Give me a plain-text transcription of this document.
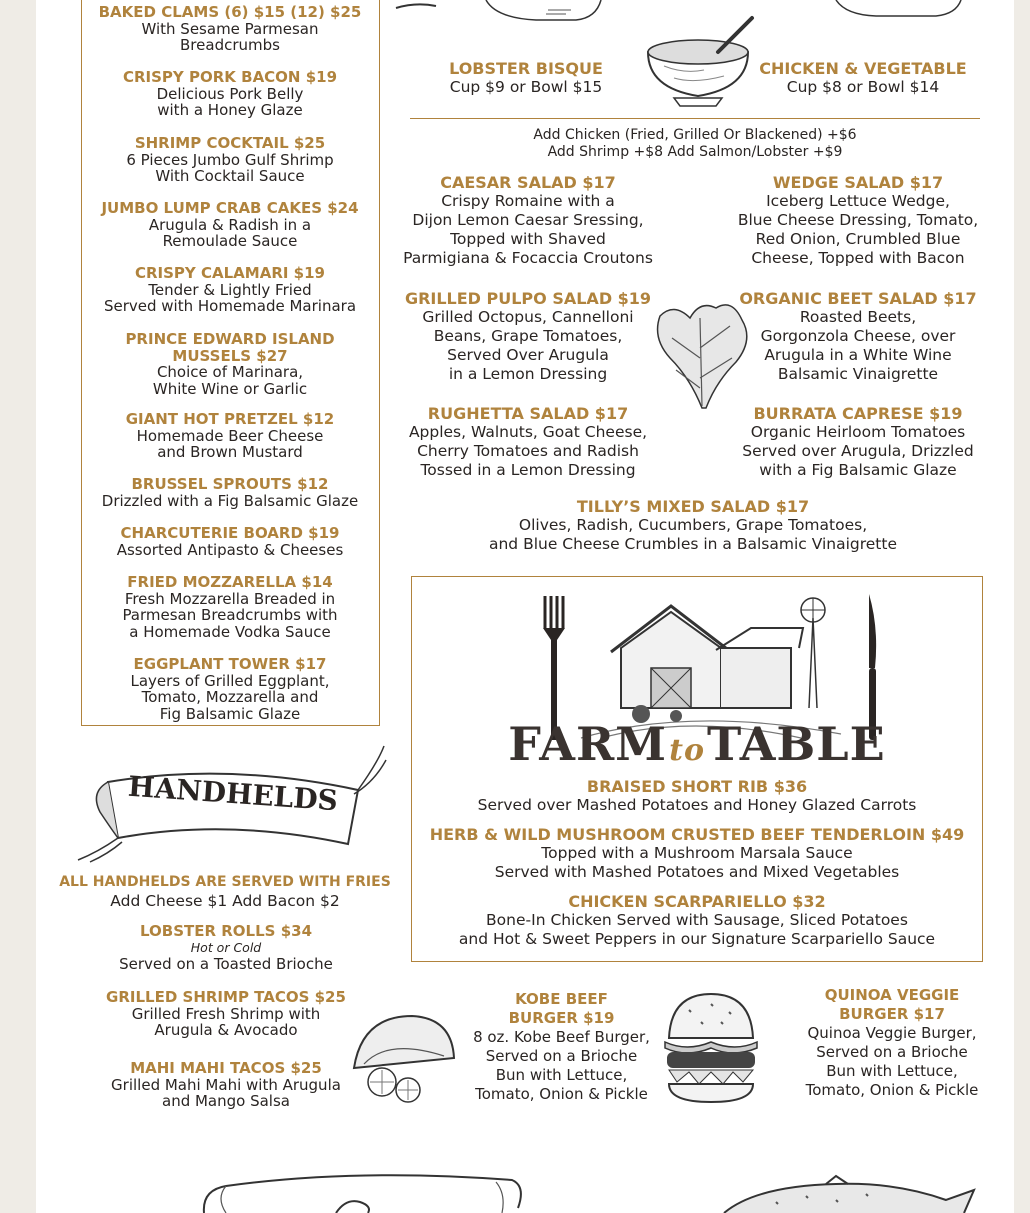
BAKED CLAMS (6) $15 (12) $25
With Sesame Parmesan
Breadcrumbs
CRISPY PORK BACON $19
Delicious Pork Belly
with a Honey Glaze
SHRIMP COCKTAIL $25
6 Pieces Jumbo Gulf Shrimp
With Cocktail Sauce
JUMBO LUMP CRAB CAKES $24
Arugula & Radish in a
Remoulade Sauce
CRISPY CALAMARI $19
Tender & Lightly Fried
Served with Homemade Marinara
PRINCE EDWARD ISLAND
MUSSELS $27
Choice of Marinara,
White Wine or Garlic
GIANT HOT PRETZEL $12
Homemade Beer Cheese
and Brown Mustard
BRUSSEL SPROUTS $12
Drizzled with a Fig Balsamic Glaze
CHARCUTERIE BOARD $19
Assorted Antipasto & Cheeses
FRIED MOZZARELLA $14
Fresh Mozzarella Breaded in
Parmesan Breadcrumbs with
a Homemade Vodka Sauce
EGGPLANT TOWER $17
Layers of Grilled Eggplant,
Tomato, Mozzarella and
Fig Balsamic Glaze
LOBSTER BISQUE
Cup $9 or Bowl $15
CHICKEN & VEGETABLE
Cup $8 or Bowl $14
Add Chicken (Fried, Grilled Or Blackened) +$6
Add Shrimp +$8 Add Salmon/Lobster +$9
CAESAR SALAD $17
Crispy Romaine with a
Dijon Lemon Caesar Sressing,
Topped with Shaved
Parmigiana & Focaccia Croutons
WEDGE SALAD $17
Iceberg Lettuce Wedge,
Blue Cheese Dressing, Tomato,
Red Onion, Crumbled Blue
Cheese, Topped with Bacon
GRILLED PULPO SALAD $19
Grilled Octopus, Cannelloni
Beans, Grape Tomatoes,
Served Over Arugula
in a Lemon Dressing
ORGANIC BEET SALAD $17
Roasted Beets,
Gorgonzola Cheese, over
Arugula in a White Wine
Balsamic Vinaigrette
RUGHETTA SALAD $17
Apples, Walnuts, Goat Cheese,
Cherry Tomatoes and Radish
Tossed in a Lemon Dressing
BURRATA CAPRESE $19
Organic Heirloom Tomatoes
Served over Arugula, Drizzled
with a Fig Balsamic Glaze
TILLY’S MIXED SALAD $17
Olives, Radish, Cucumbers, Grape Tomatoes,
and Blue Cheese Crumbles in a Balsamic Vinaigrette
FARMtoTABLE
BRAISED SHORT RIB $36
Served over Mashed Potatoes and Honey Glazed Carrots
HERB & WILD MUSHROOM CRUSTED BEEF TENDERLOIN $49
Topped with a Mushroom Marsala Sauce
Served with Mashed Potatoes and Mixed Vegetables
CHICKEN SCARPARIELLO $32
Bone-In Chicken Served with Sausage, Sliced Potatoes
and Hot & Sweet Peppers in our Signature Scarpariello Sauce
HANDHELDS
ALL HANDHELDS ARE SERVED WITH FRIES
Add Cheese $1 Add Bacon $2
LOBSTER ROLLS $34
Hot or Cold
Served on a Toasted Brioche
GRILLED SHRIMP TACOS $25
Grilled Fresh Shrimp with
Arugula & Avocado
MAHI MAHI TACOS $25
Grilled Mahi Mahi with Arugula
and Mango Salsa
KOBE BEEF
BURGER $19
8 oz. Kobe Beef Burger,
Served on a Brioche
Bun with Lettuce,
Tomato, Onion & Pickle
QUINOA VEGGIE
BURGER $17
Quinoa Veggie Burger,
Served on a Brioche
Bun with Lettuce,
Tomato, Onion & Pickle
